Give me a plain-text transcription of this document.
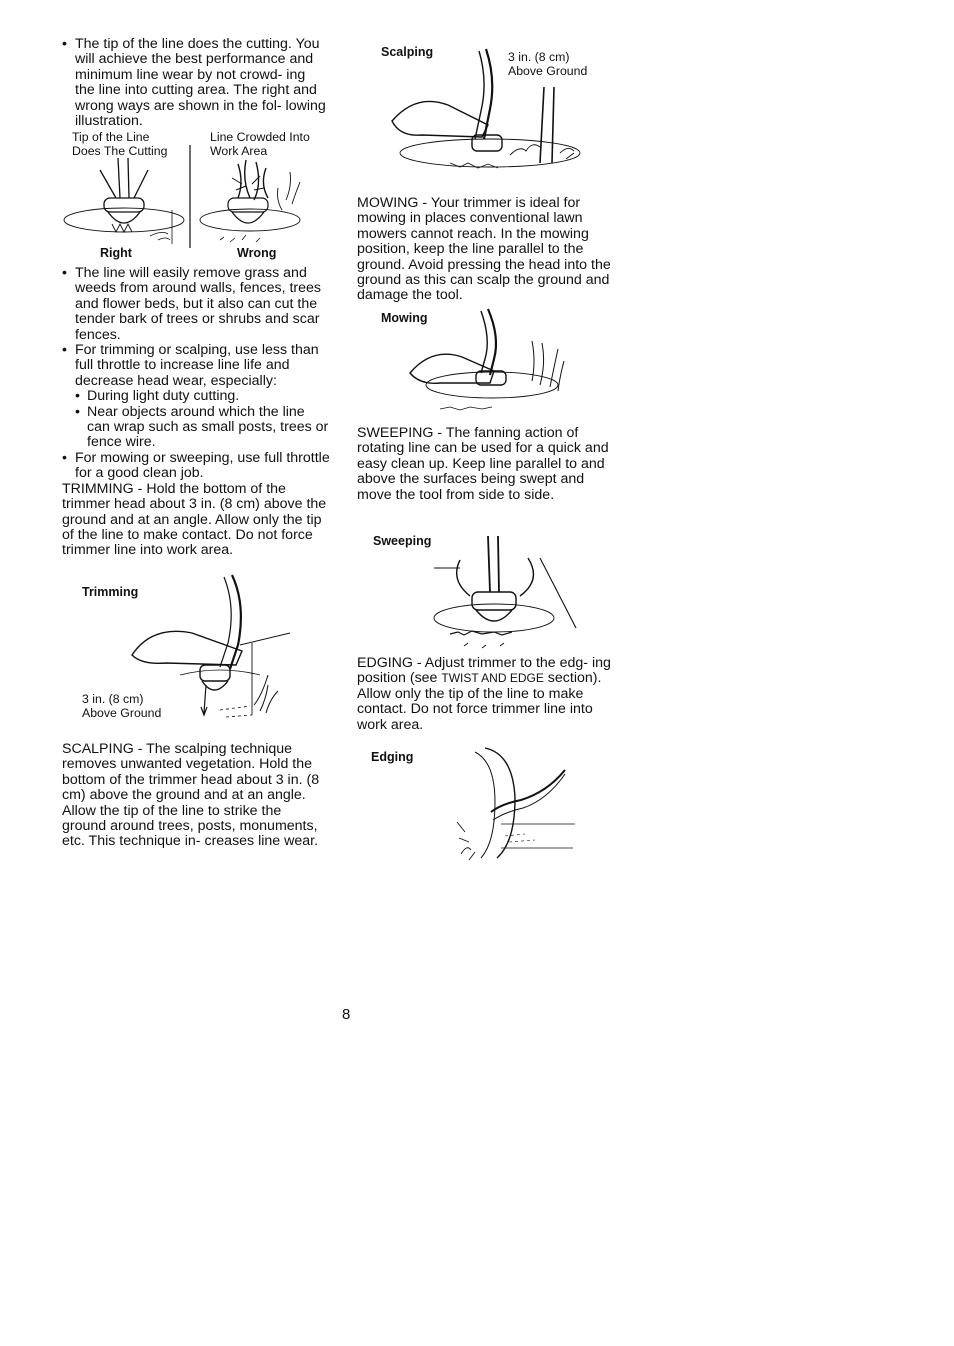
• The tip of the line does the cutting. You will achieve the best performance and minimum line wear by not crowd- ing the line into cutting area. The right and wrong ways are shown in the fol- lowing illustration.
Tip of the Line
Does The Cutting
Line Crowded Into
Work Area
Right	Wrong
• The line will easily remove grass and weeds from around walls, fences, trees and flower beds, but it also can cut the tender bark of trees or shrubs and scar fences.
• For trimming or scalping, use less than full throttle to increase line life and decrease head wear, especially:
• During light duty cutting.
• Near objects around which the line can wrap such as small posts, trees or fence wire.
• For mowing or sweeping, use full throttle for a good clean job.

TRIMMING - Hold the bottom of the trimmer head about 3 in. (8 cm) above the ground and at an angle. Allow only the tip of the line to make contact. Do not force trimmer line into work area.

Trimming
3 in. (8 cm)
Above Ground

SCALPING - The scalping technique removes unwanted vegetation. Hold the bottom of the trimmer head about 3 in. (8 cm) above the ground and at an angle. Allow the tip of the line to strike the ground around trees, posts, monuments, etc. This technique in- creases line wear.

Scalping	3 in. (8 cm)
Above Ground

MOWING - Your trimmer is ideal for mowing in places conventional lawn mowers cannot reach. In the mowing position, keep the line parallel to the ground. Avoid pressing the head into the ground as this can scalp the ground and damage the tool.

Mowing

SWEEPING - The fanning action of rotating line can be used for a quick and easy clean up. Keep line parallel to and above the surfaces being swept and move the tool from side to side.

Sweeping

EDGING - Adjust trimmer to the edg- ing position (see TWIST AND EDGE section). Allow only the tip of the line to make contact. Do not force trimmer line into work area.

Edging
8
